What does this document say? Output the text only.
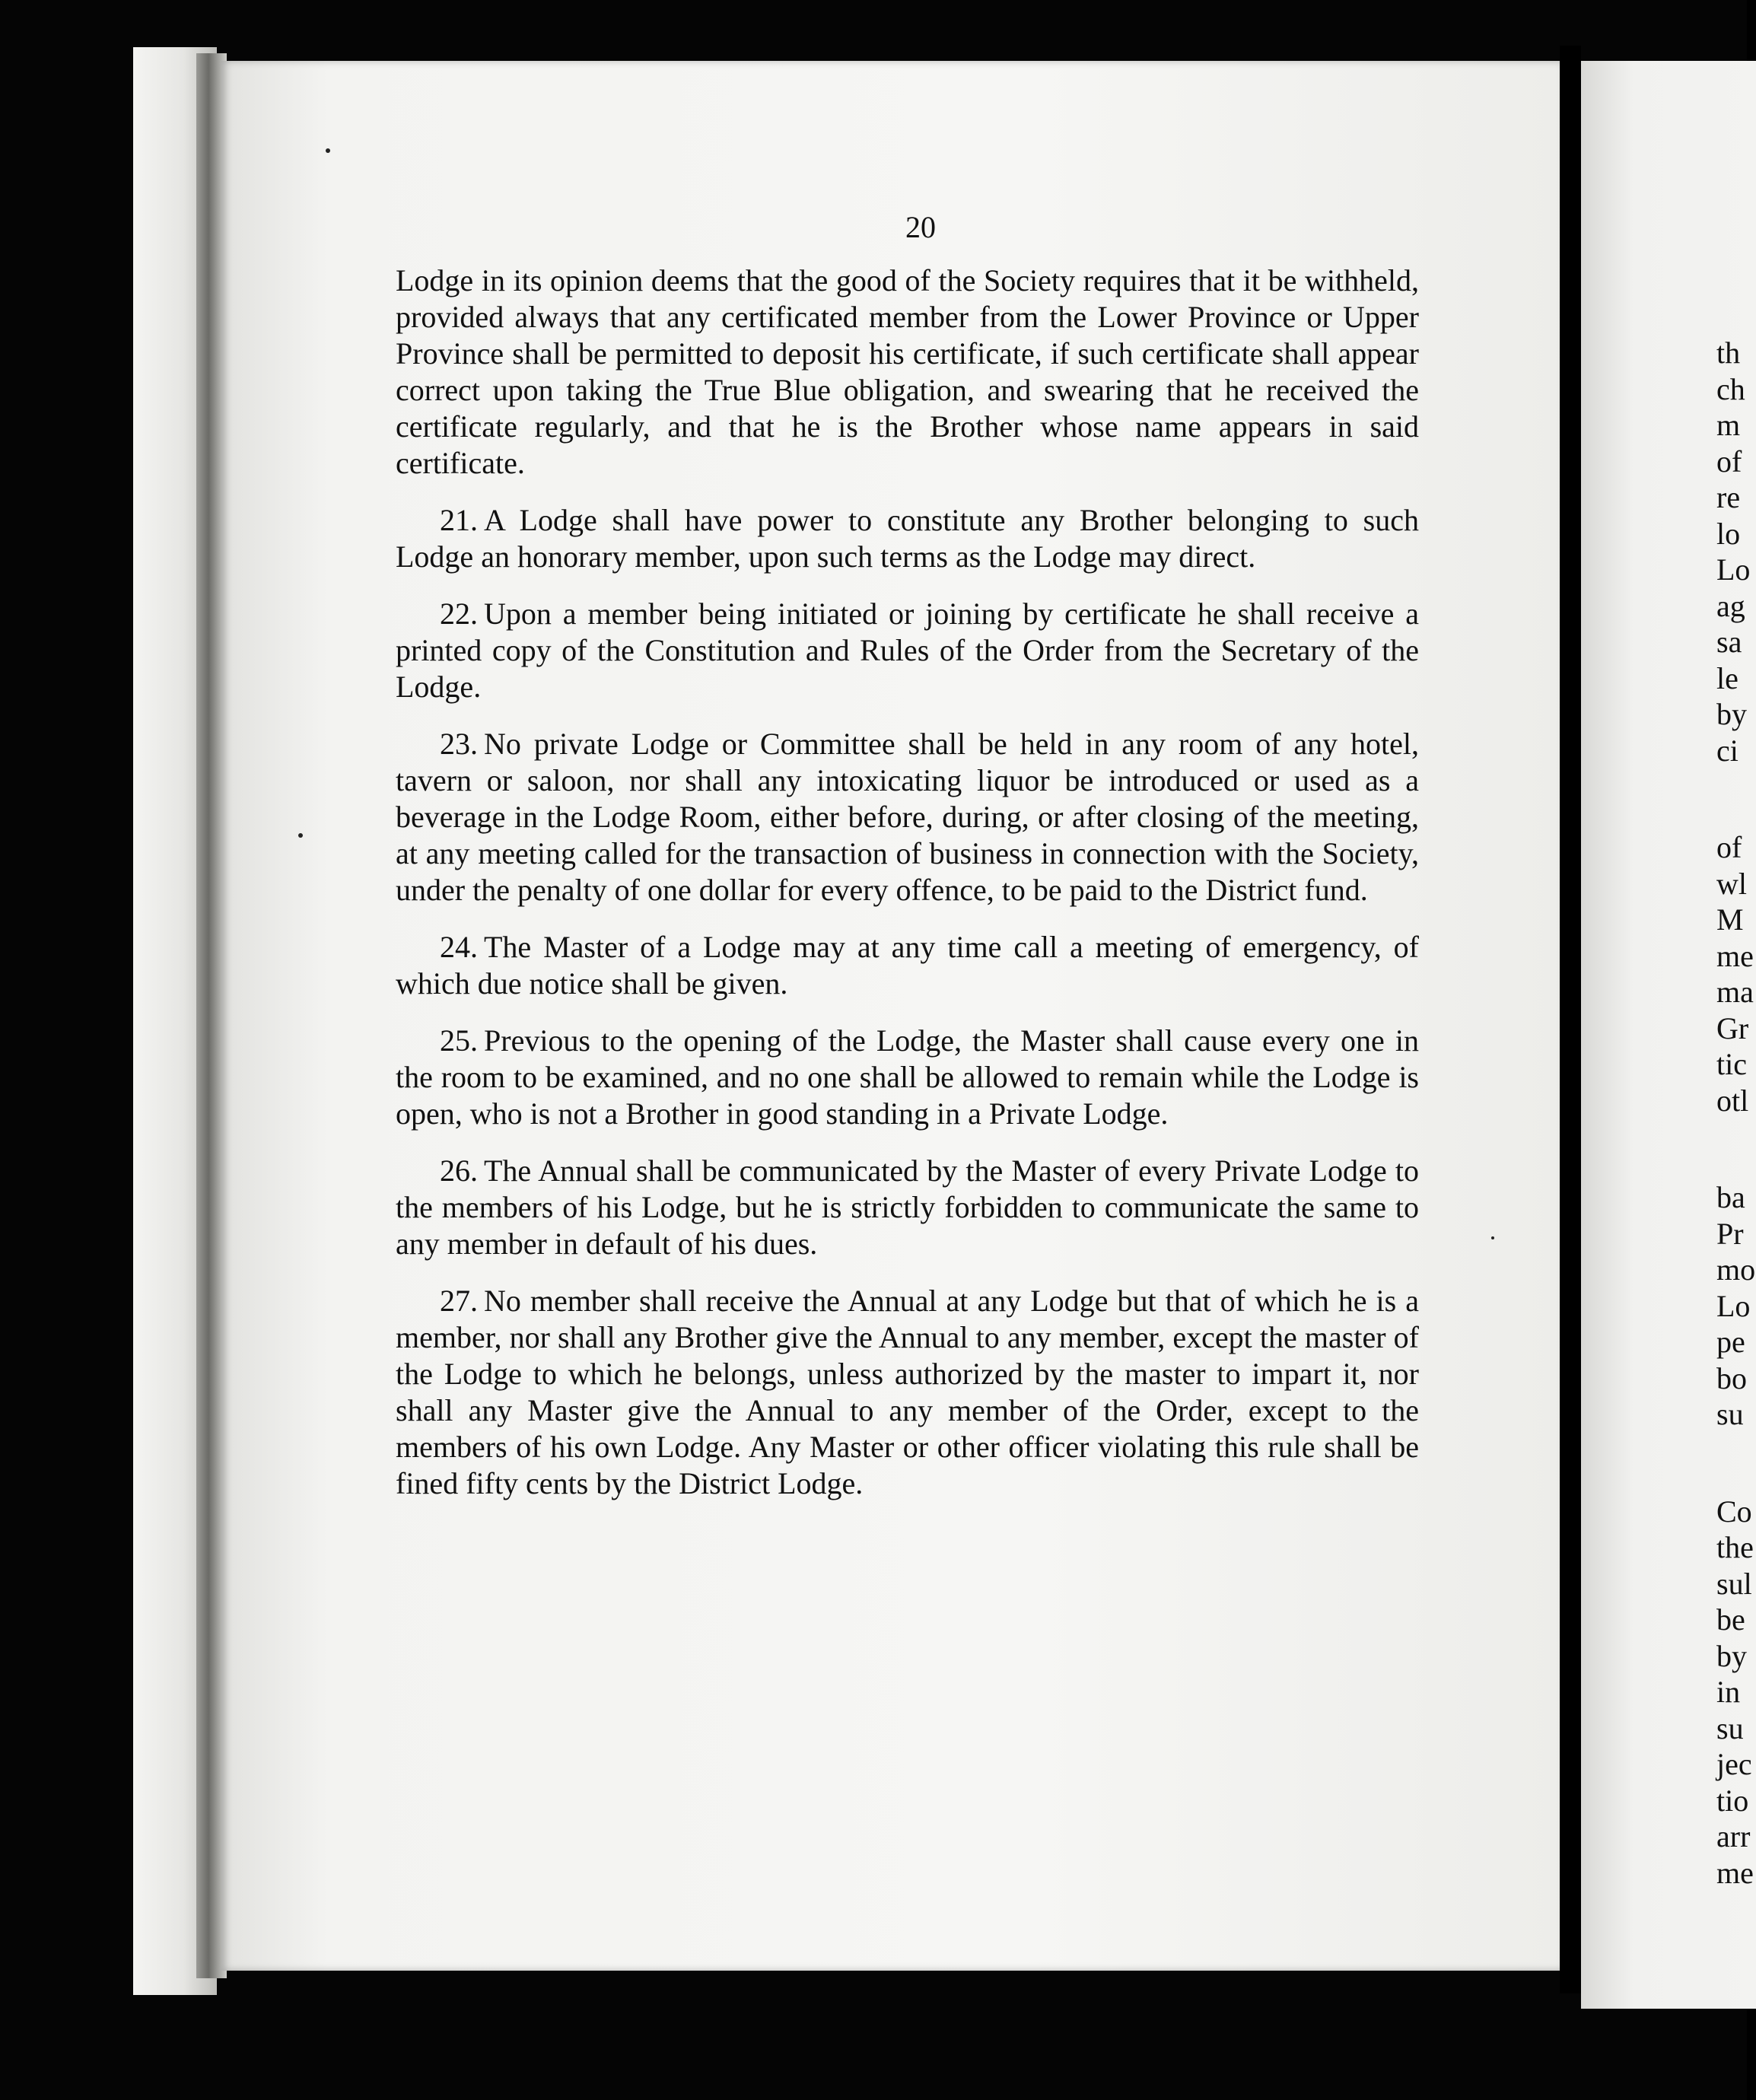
20

Lodge in its opinion deems that the good of the Society requires that it be withheld, provided always that any certificated member from the Lower Province or Upper Province shall be permitted to deposit his certificate, if such certificate shall appear correct upon taking the True Blue obligation, and swearing that he received the certificate regularly, and that he is the Brother whose name appears in said certificate.

21. A Lodge shall have power to constitute any Brother belonging to such Lodge an honorary member, upon such terms as the Lodge may direct.

22. Upon a member being initiated or joining by certificate he shall receive a printed copy of the Constitution and Rules of the Order from the Secretary of the Lodge.

23. No private Lodge or Committee shall be held in any room of any hotel, tavern or saloon, nor shall any intoxicating liquor be introduced or used as a beverage in the Lodge Room, either before, during, or after closing of the meeting, at any meeting called for the transaction of business in connection with the Society, under the penalty of one dollar for every offence, to be paid to the District fund.

24. The Master of a Lodge may at any time call a meeting of emergency, of which due notice shall be given.

25. Previous to the opening of the Lodge, the Master shall cause every one in the room to be examined, and no one shall be allowed to remain while the Lodge is open, who is not a Brother in good standing in a Private Lodge.

26. The Annual shall be communicated by the Master of every Private Lodge to the members of his Lodge, but he is strictly forbidden to communicate the same to any member in default of his dues.

27. No member shall receive the Annual at any Lodge but that of which he is a member, nor shall any Brother give the Annual to any member, except the master of the Lodge to which he belongs, unless authorized by the master to impart it, nor shall any Master give the Annual to any member of the Order, except to the members of his own Lodge. Any Master or other officer violating this rule shall be fined fifty cents by the District Lodge.

th
ch
m
of
re
lo
Lo
ag
sa
le
by
ci
of
wl
M
me
ma
Gr
tic
otl
ba
Pr
mo
Lo
pe
bo
su
Co
the
sul
be
by
in
su
jec
tio
arr
me
